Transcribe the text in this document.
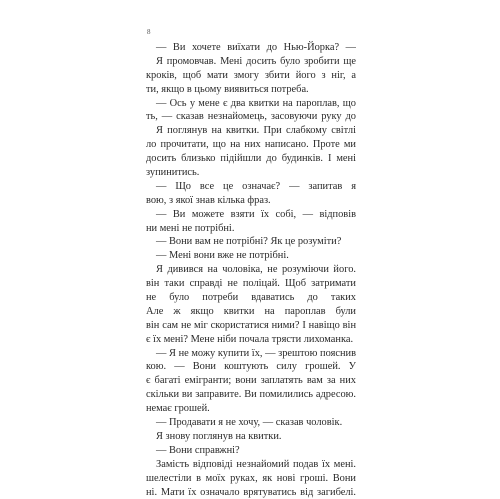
8
— Ви хочете виїхати до Нью-Йорка? —
Я промовчав. Мені досить було зробити ще
кроків, щоб мати змогу збити його з ніг, а
ти, якщо в цьому виявиться потреба.
— Ось у мене є два квитки на пароплав, що
ть, — сказав незнайомець, засовуючи руку до
Я поглянув на квитки. При слабкому світлі
ло прочитати, що на них написано. Проте ми
досить близько підійшли до будинків. І мені
зупинитись.
— Що все це означає? — запитав я
вою, з якої знав кілька фраз.
— Ви можете взяти їх собі, — відповів
ни мені не потрібні.
— Вони вам не потрібні? Як це розуміти?
— Мені вони вже не потрібні.
Я дивився на чоловіка, не розуміючи його.
він таки справді не поліцай. Щоб затримати
не було потреби вдаватись до таких
Але ж якщо квитки на пароплав були
він сам не міг скористатися ними? І навіщо він
є їх мені? Мене ніби почала трясти лихоманка.
— Я не можу купити їх, — зрештою пояснив
кою. — Вони коштують силу грошей. У
є багаті емігранти; вони заплатять вам за них
скільки ви заправите. Ви помилились адресою.
немає грошей.
— Продавати я не хочу, — сказав чоловік.
Я знову поглянув на квитки.
— Вони справжні?
Замість відповіді незнайомий подав їх мені.
шелестіли в моїх руках, як нові гроші. Вони
ні. Мати їх означало врятуватись від загибелі.
